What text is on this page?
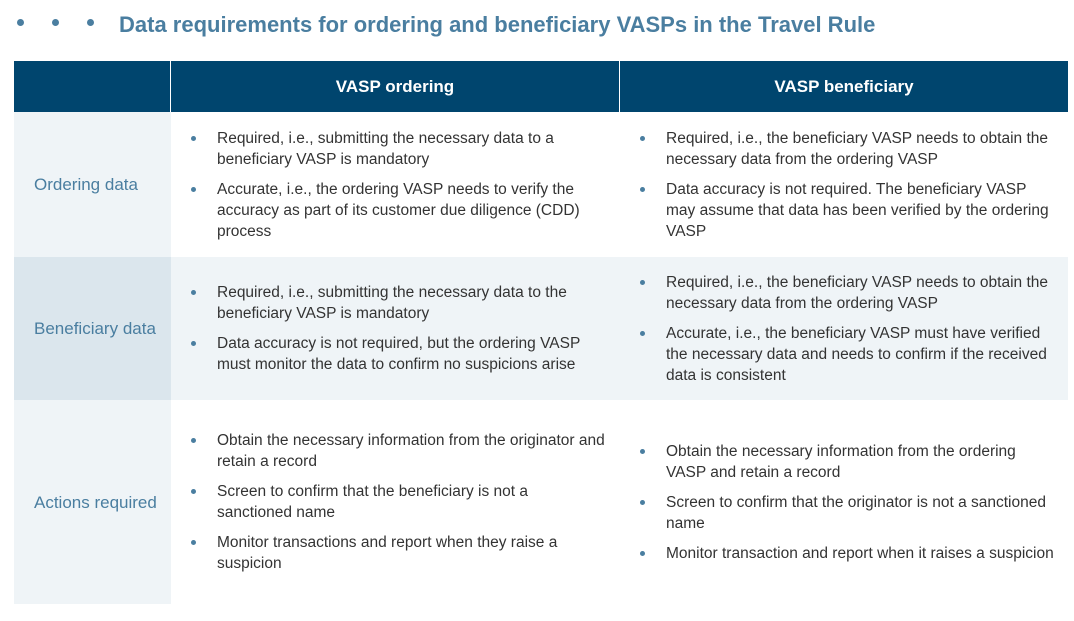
Data requirements for ordering and beneficiary VASPs in the Travel Rule
VASP ordering	VASP beneficiary
Ordering data
Required, i.e., submitting the necessary data to a beneficiary VASP is mandatory
Accurate, i.e., the ordering VASP needs to verify the accuracy as part of its customer due diligence (CDD) process
Required, i.e., the beneficiary VASP needs to obtain the necessary data from the ordering VASP
Data accuracy is not required. The beneficiary VASP may assume that data has been verified by the ordering VASP
Beneficiary data
Required, i.e., submitting the necessary data to the beneficiary VASP is mandatory
Data accuracy is not required, but the ordering VASP must monitor the data to confirm no suspicions arise
Required, i.e., the beneficiary VASP needs to obtain the necessary data from the ordering VASP
Accurate, i.e., the beneficiary VASP must have verified the necessary data and needs to confirm if the received data is consistent
Actions required
Obtain the necessary information from the originator and retain a record
Screen to confirm that the beneficiary is not a sanctioned name
Monitor transactions and report when they raise a suspicion
Obtain the necessary information from the ordering VASP and retain a record
Screen to confirm that the originator is not a sanctioned name
Monitor transaction and report when it raises a suspicion
